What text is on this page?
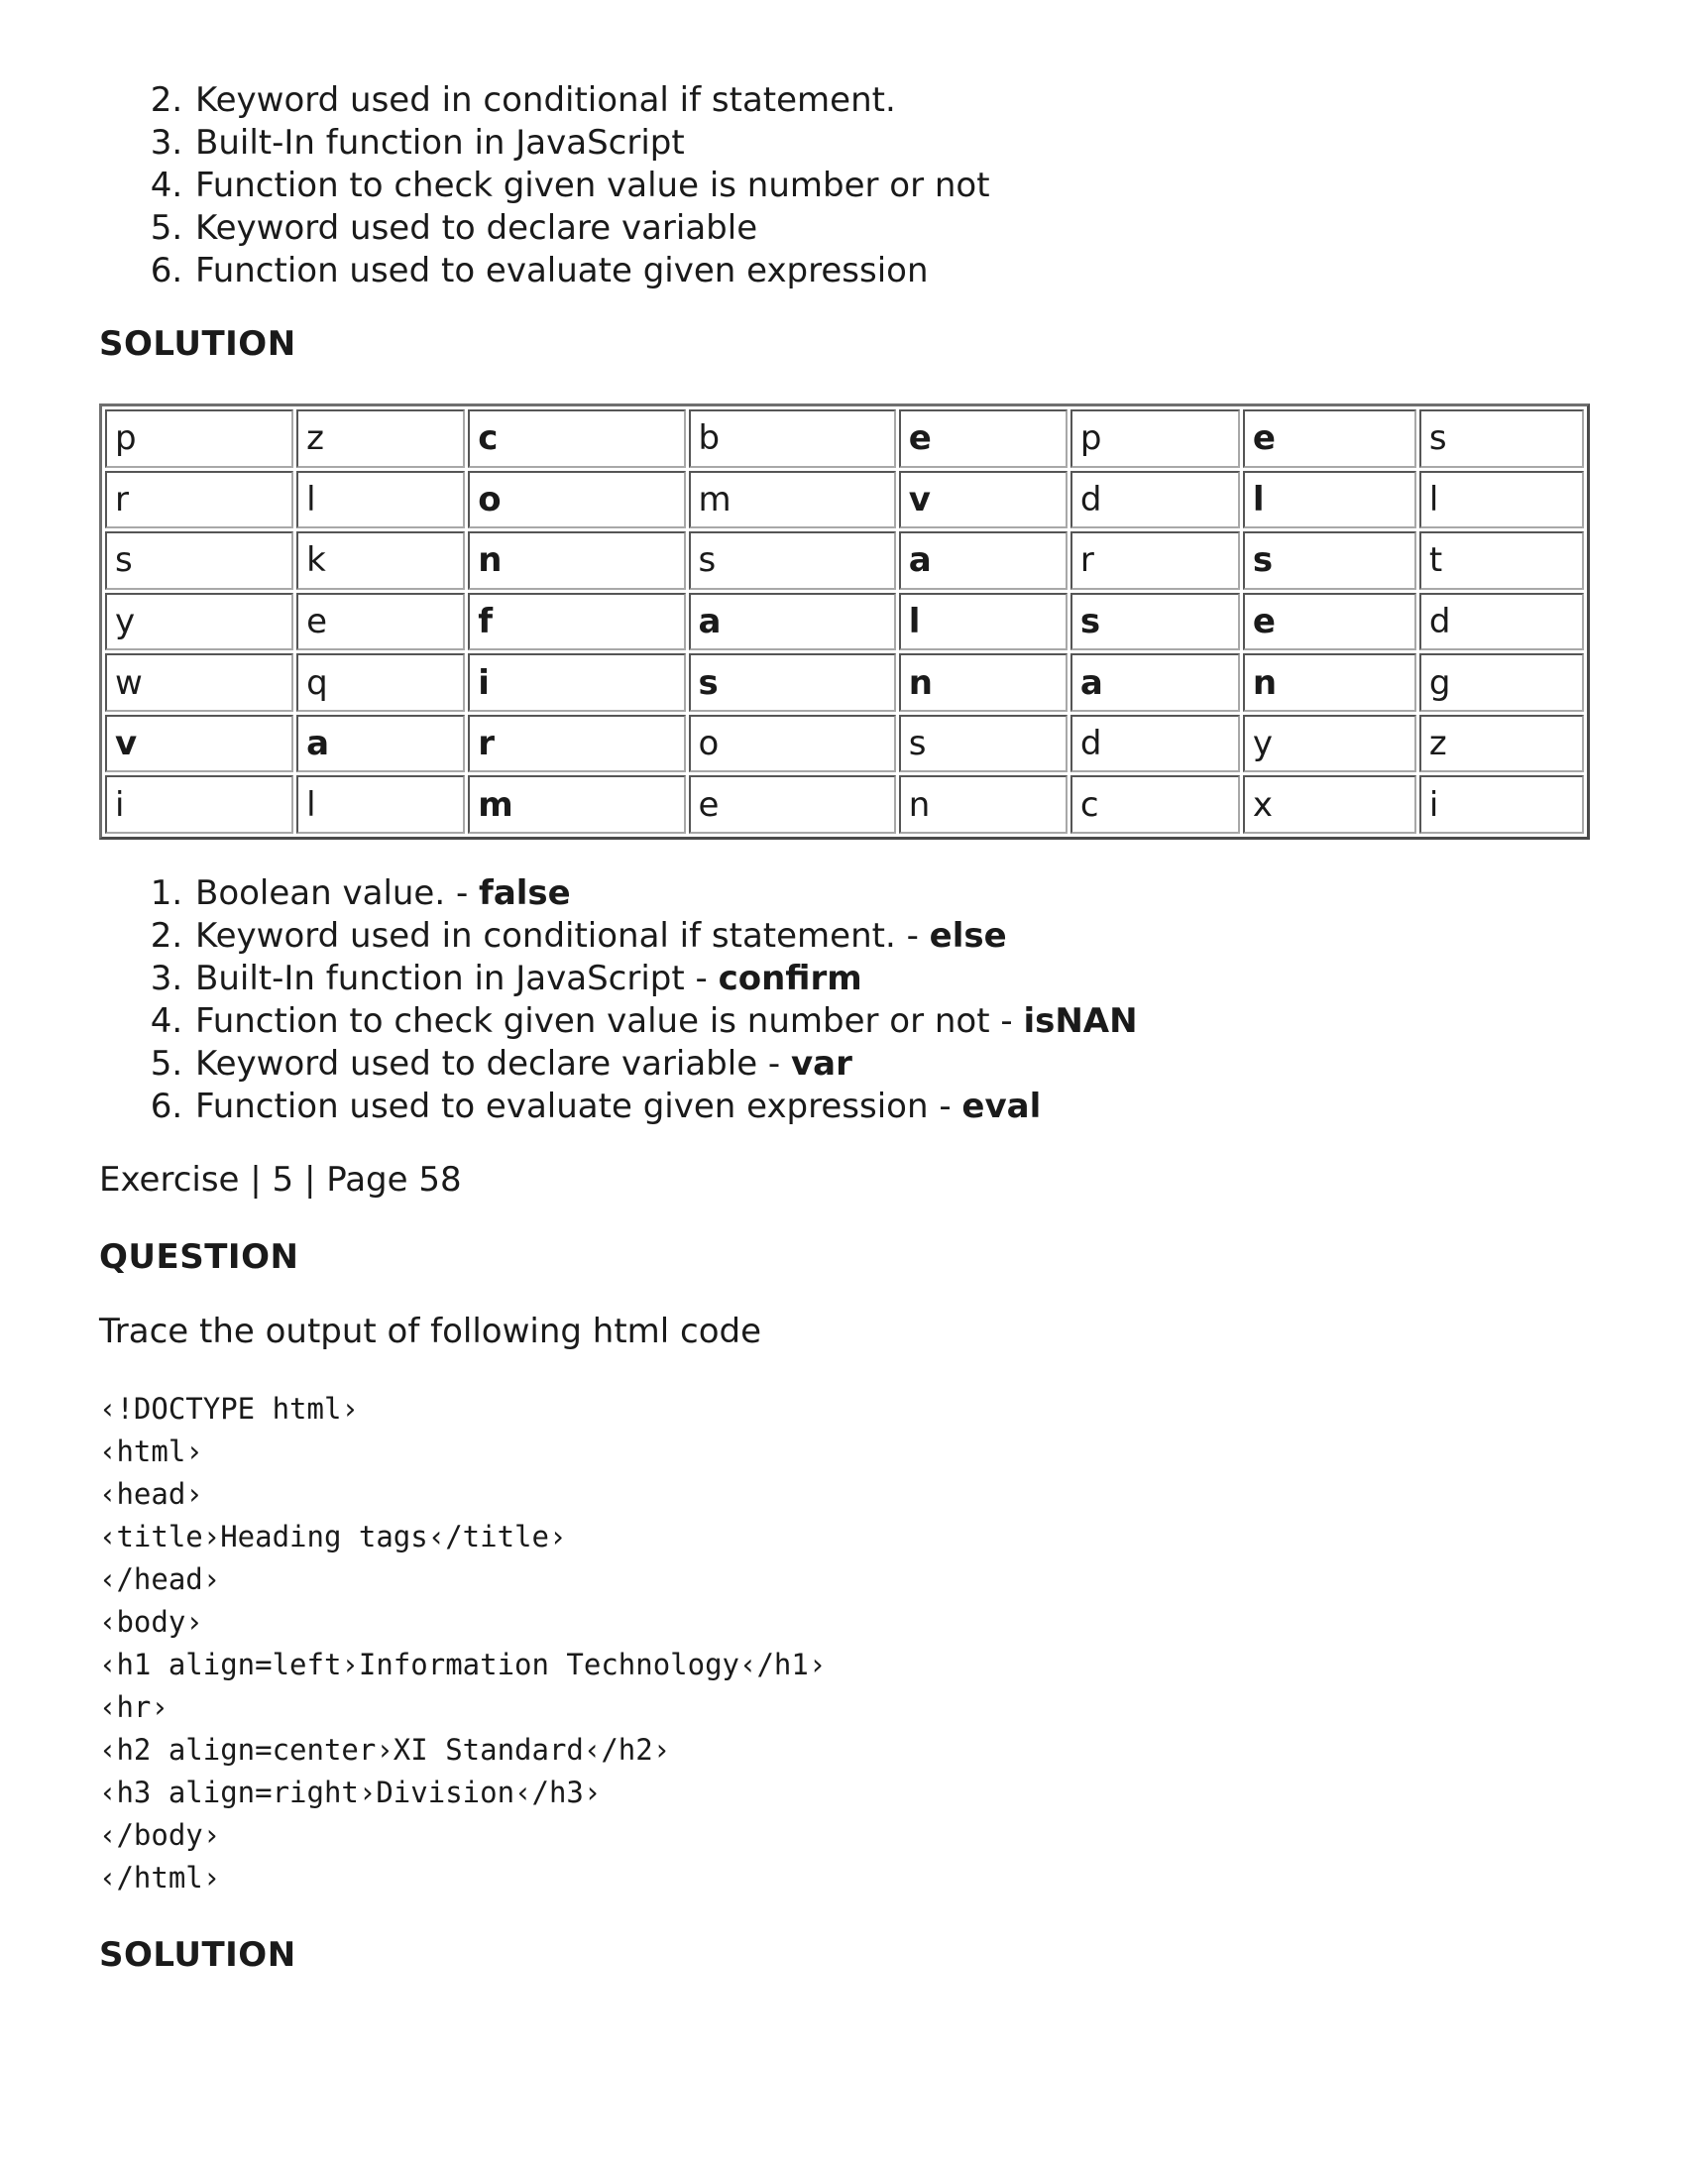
2. Keyword used in conditional if statement.
3. Built-In function in JavaScript
4. Function to check given value is number or not
5. Keyword used to declare variable
6. Function used to evaluate given expression
SOLUTION
p	z	c	b	e	p	e	s
r	l	o	m	v	d	l	l
s	k	n	s	a	r	s	t
y	e	f	a	l	s	e	d
w	q	i	s	n	a	n	g
v	a	r	o	s	d	y	z
i	l	m	e	n	c	x	i
1. Boolean value. - false
2. Keyword used in conditional if statement. - else
3. Built-In function in JavaScript - confirm
4. Function to check given value is number or not - isNAN
5. Keyword used to declare variable - var
6. Function used to evaluate given expression - eval

Exercise | 5 | Page 58

QUESTION

Trace the output of following html code

‹!DOCTYPE html›
‹html›
‹head›
‹title›Heading tags‹/title›
‹/head›
‹body›
‹h1 align=left›Information Technology‹/h1›
‹hr›
‹h2 align=center›XI Standard‹/h2›
‹h3 align=right›Division‹/h3›
‹/body›
‹/html›
SOLUTION
